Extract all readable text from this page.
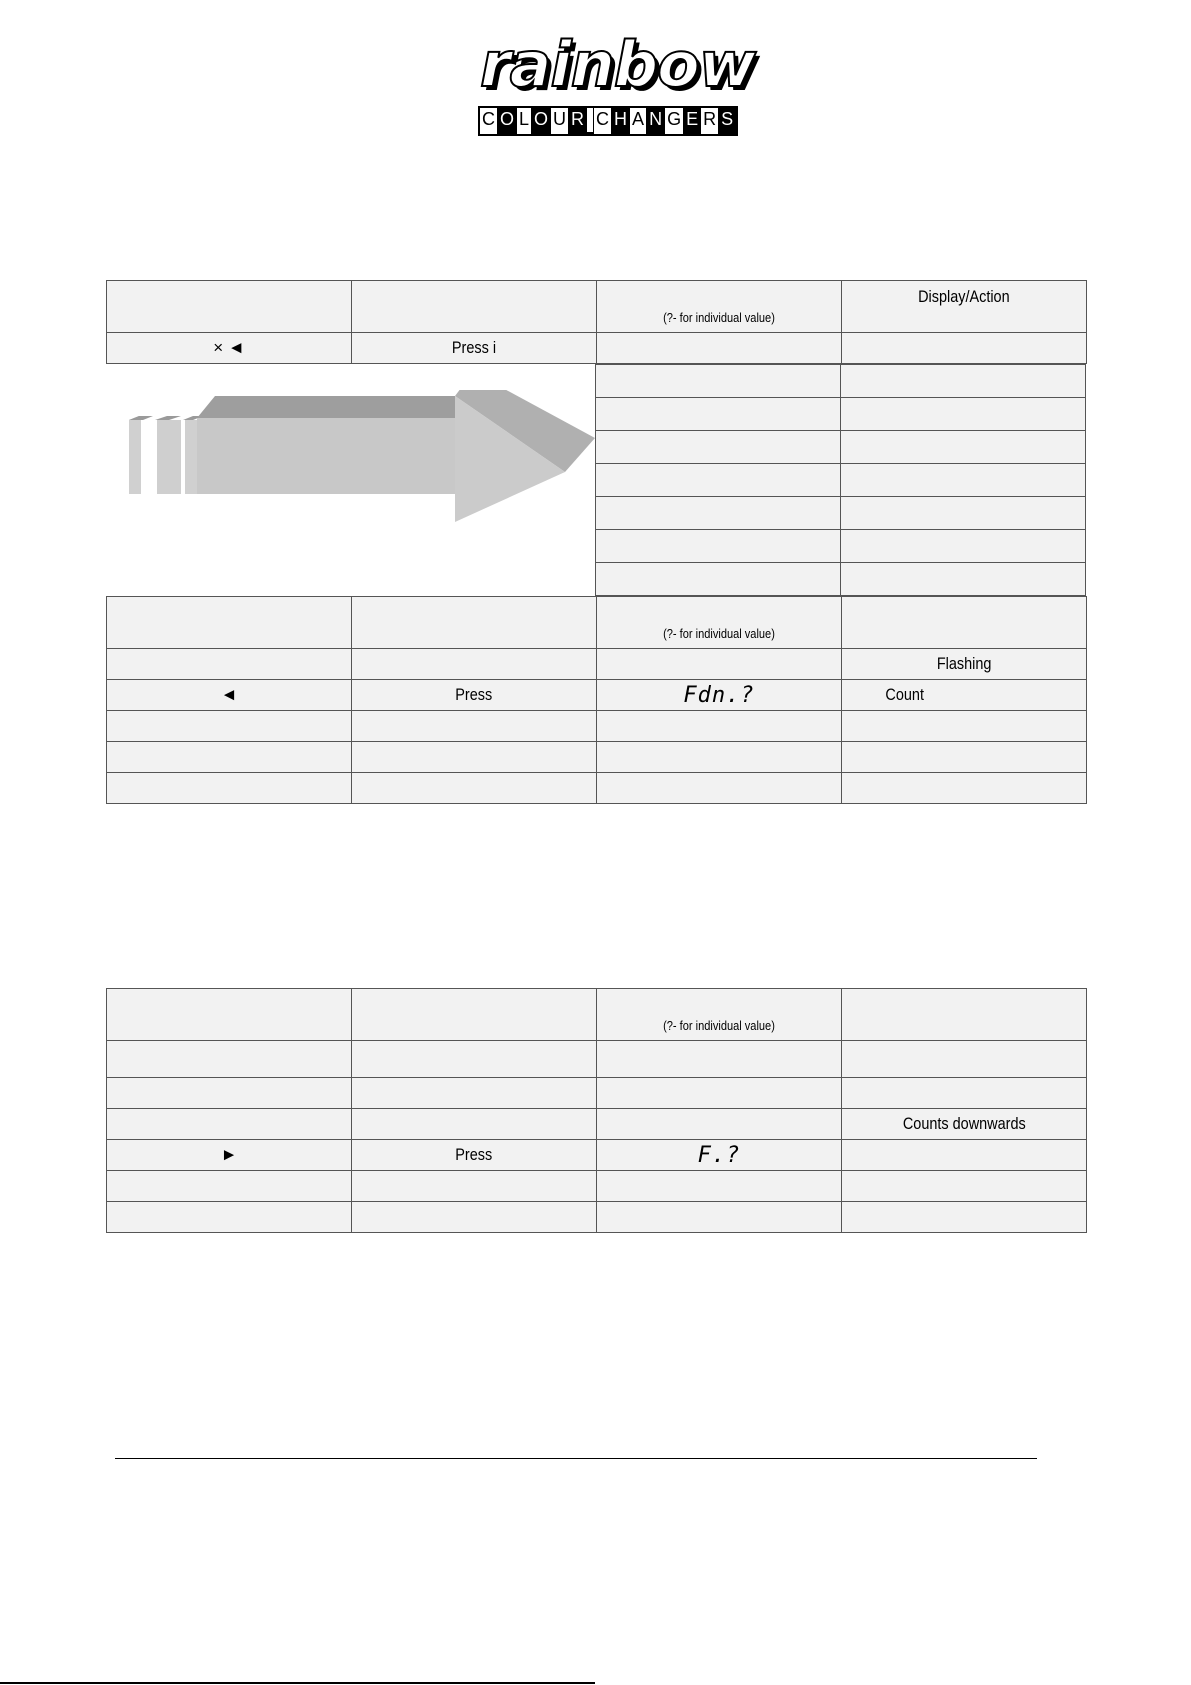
rainbow
C O L O U R C H A N G E R S

		(?- for individual value)	Display/Action
× ◄	Press i		

		(?- for individual value)	

			Flashing
◄	Press	Fdn.?	Count

		(?- for individual value)	

			Counts downwards
►	Press	F.?	
